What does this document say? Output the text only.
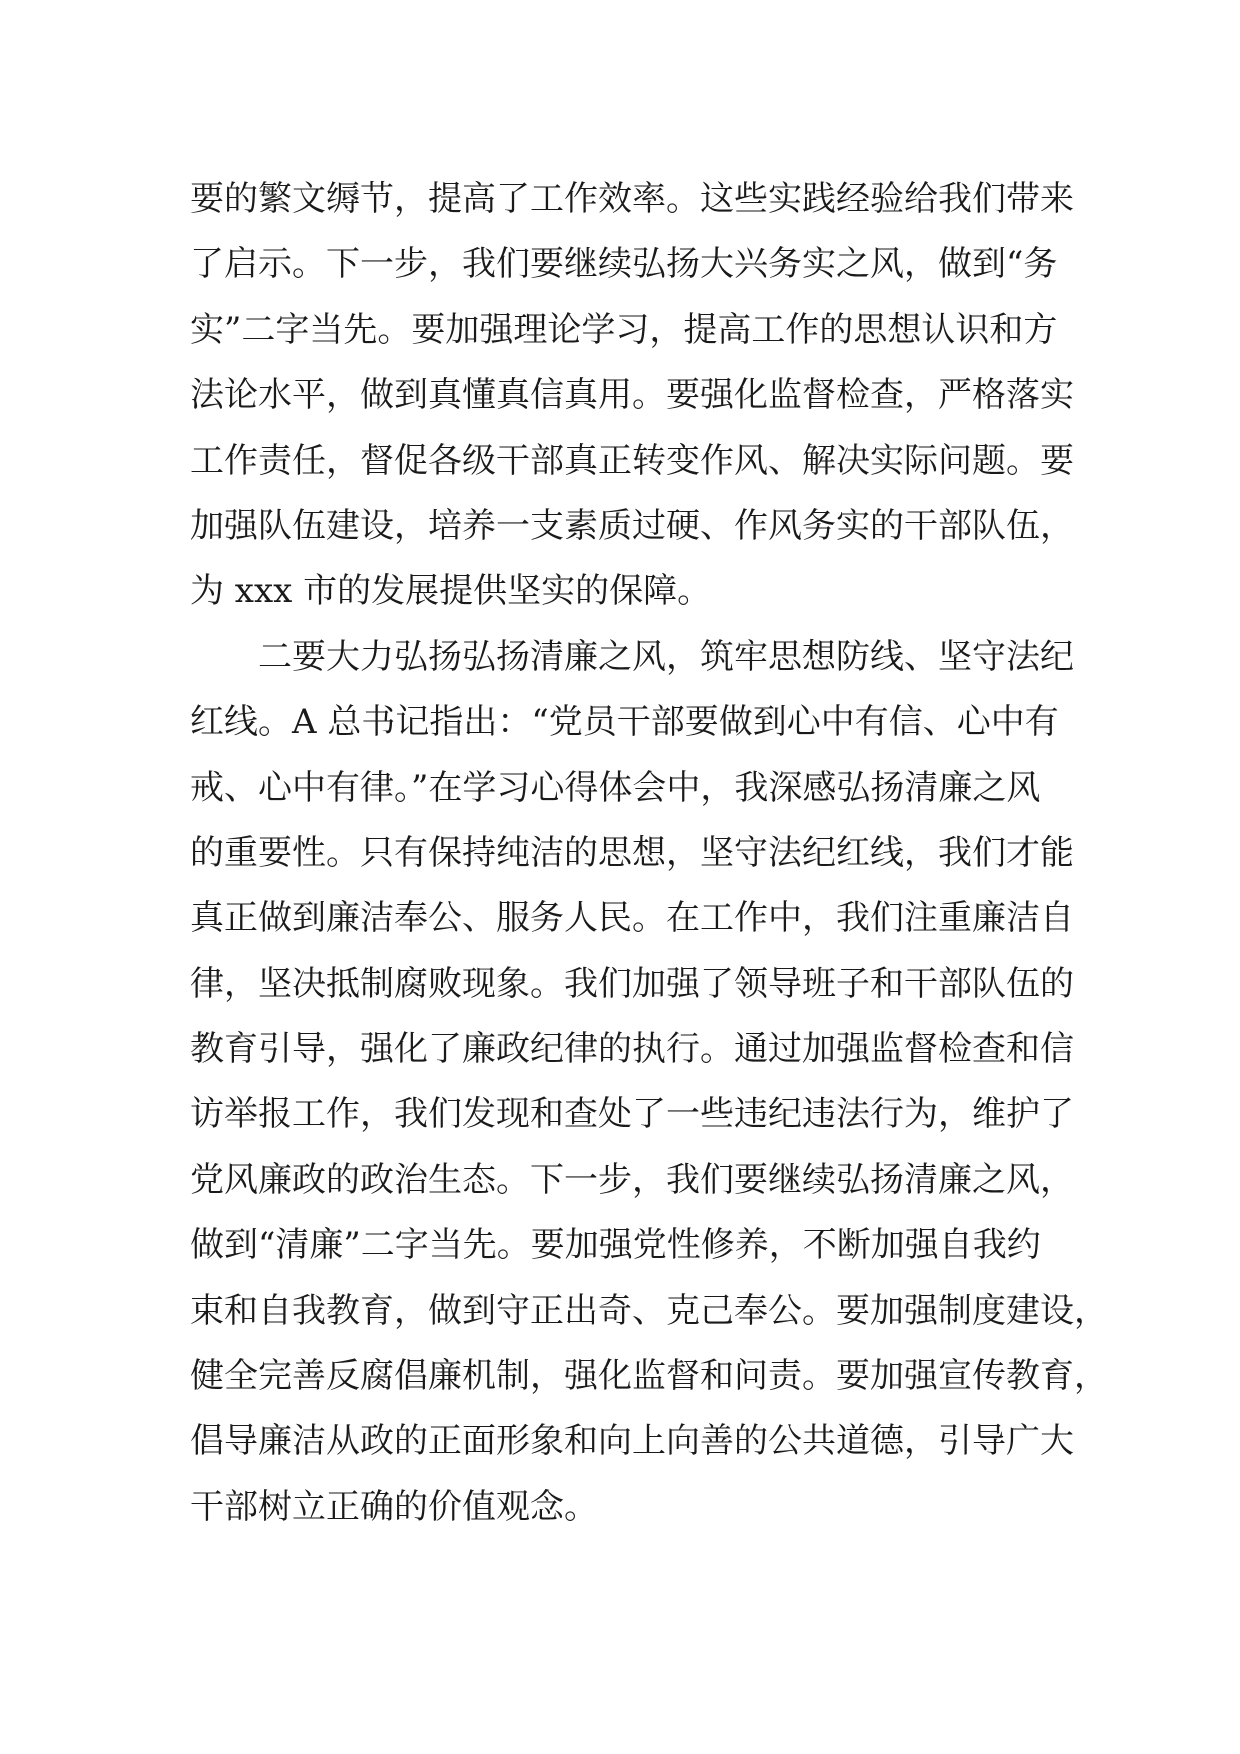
要的繁文缛节，提高了工作效率。这些实践经验给我们带来
了启示。下一步，我们要继续弘扬大兴务实之风，做到“务
实”二字当先。要加强理论学习，提高工作的思想认识和方
法论水平，做到真懂真信真用。要强化监督检查，严格落实
工作责任，督促各级干部真正转变作风、解决实际问题。要
加强队伍建设，培养一支素质过硬、作风务实的干部队伍，
为 xxx 市的发展提供坚实的保障。
　　二要大力弘扬弘扬清廉之风，筑牢思想防线、坚守法纪
红线。A 总书记指出：“党员干部要做到心中有信、心中有
戒、心中有律。”在学习心得体会中，我深感弘扬清廉之风
的重要性。只有保持纯洁的思想，坚守法纪红线，我们才能
真正做到廉洁奉公、服务人民。在工作中，我们注重廉洁自
律，坚决抵制腐败现象。我们加强了领导班子和干部队伍的
教育引导，强化了廉政纪律的执行。通过加强监督检查和信
访举报工作，我们发现和查处了一些违纪违法行为，维护了
党风廉政的政治生态。下一步，我们要继续弘扬清廉之风，
做到“清廉”二字当先。要加强党性修养，不断加强自我约
束和自我教育，做到守正出奇、克己奉公。要加强制度建设，
健全完善反腐倡廉机制，强化监督和问责。要加强宣传教育，
倡导廉洁从政的正面形象和向上向善的公共道德，引导广大
干部树立正确的价值观念。
